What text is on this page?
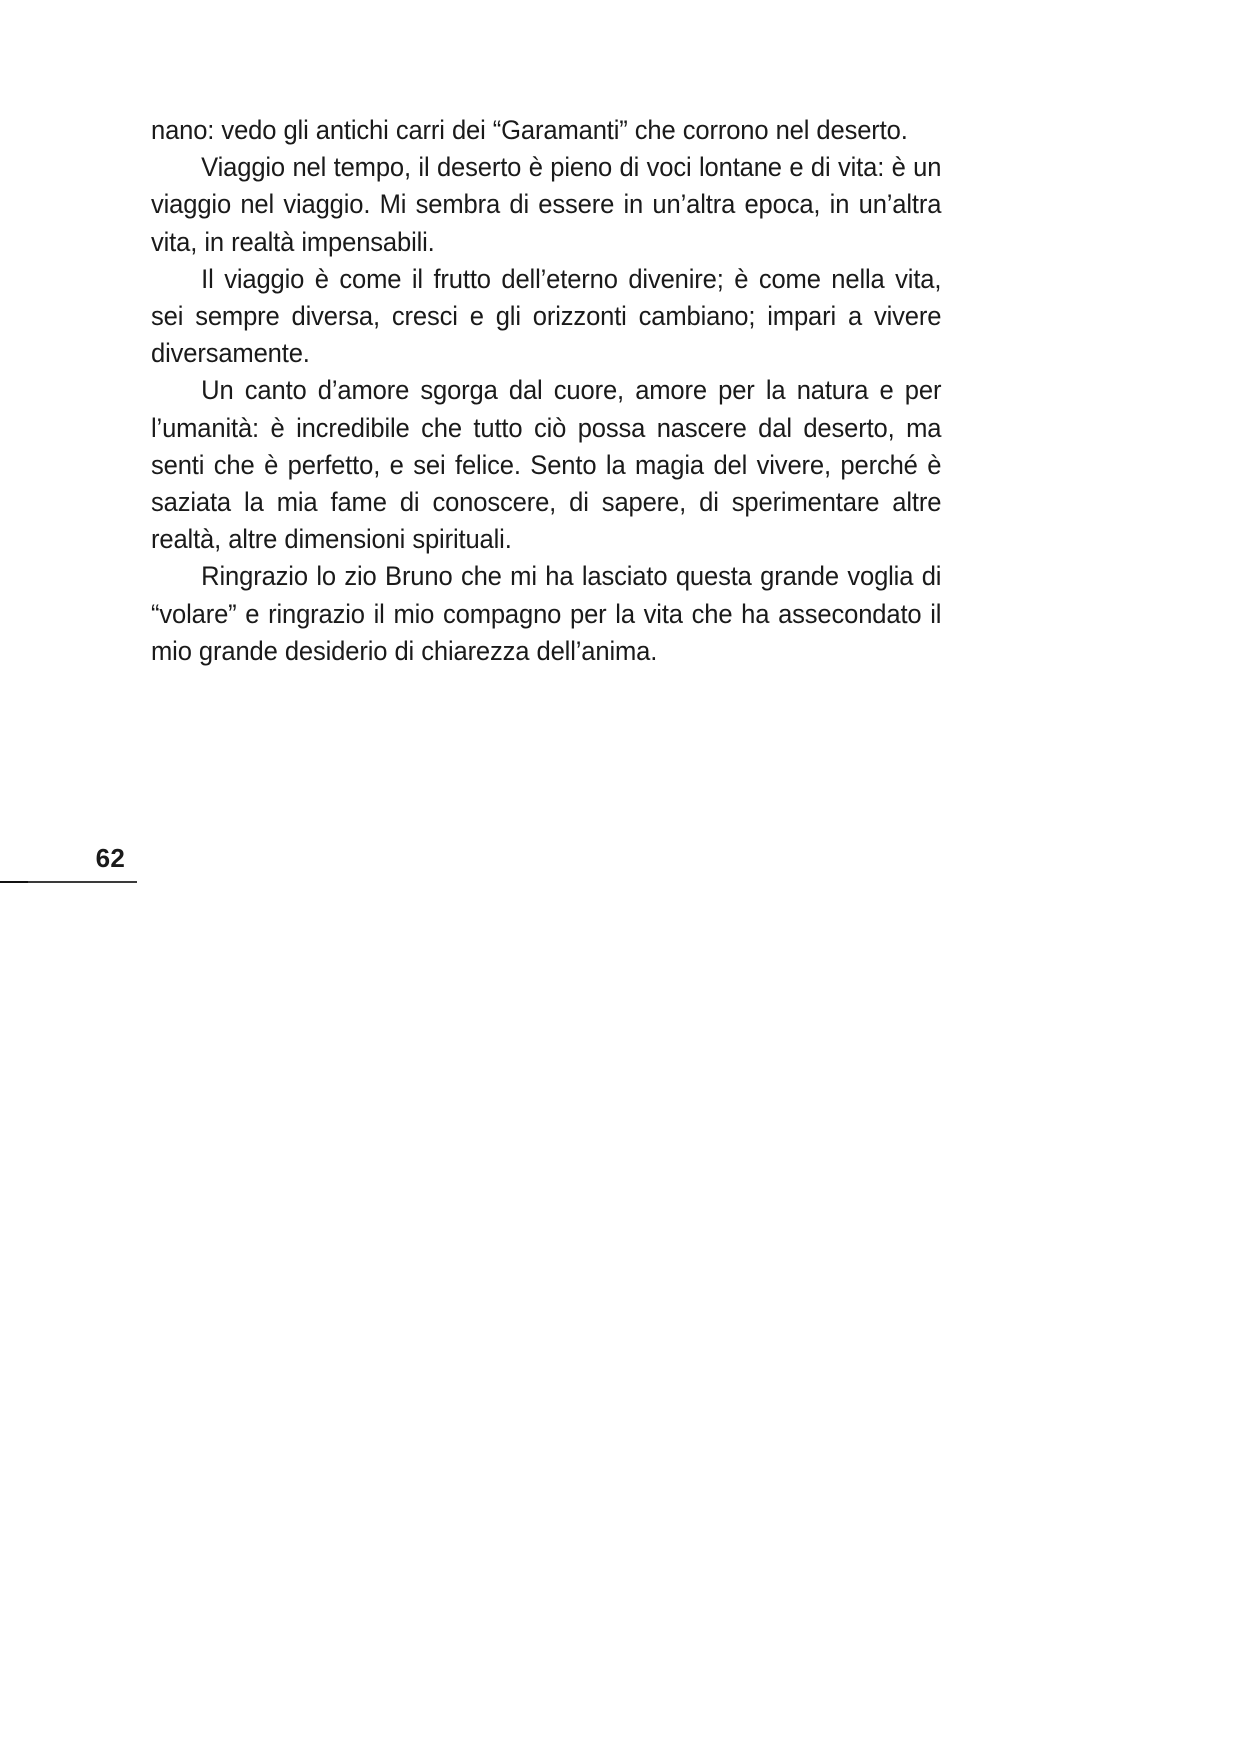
nano: vedo gli antichi carri dei “Garamanti” che corrono nel deserto.

Viaggio nel tempo, il deserto è pieno di voci lontane e di vita: è un viaggio nel viaggio. Mi sembra di essere in un’altra epoca, in un’altra vita, in realtà impensabili.

Il viaggio è come il frutto dell’eterno divenire; è come nella vita, sei sempre diversa, cresci e gli orizzonti cambiano; impari a vivere diversamente.

Un canto d’amore sgorga dal cuore, amore per la natura e per l’umanità: è incredibile che tutto ciò possa nascere dal deserto, ma senti che è perfetto, e sei felice. Sento la magia del vivere, perché è saziata la mia fame di conoscere, di sapere, di sperimentare altre realtà, altre dimensioni spirituali.

Ringrazio lo zio Bruno che mi ha lasciato questa grande voglia di “volare” e ringrazio il mio compagno per la vita che ha assecondato il mio grande desiderio di chiarezza dell’anima.

62
